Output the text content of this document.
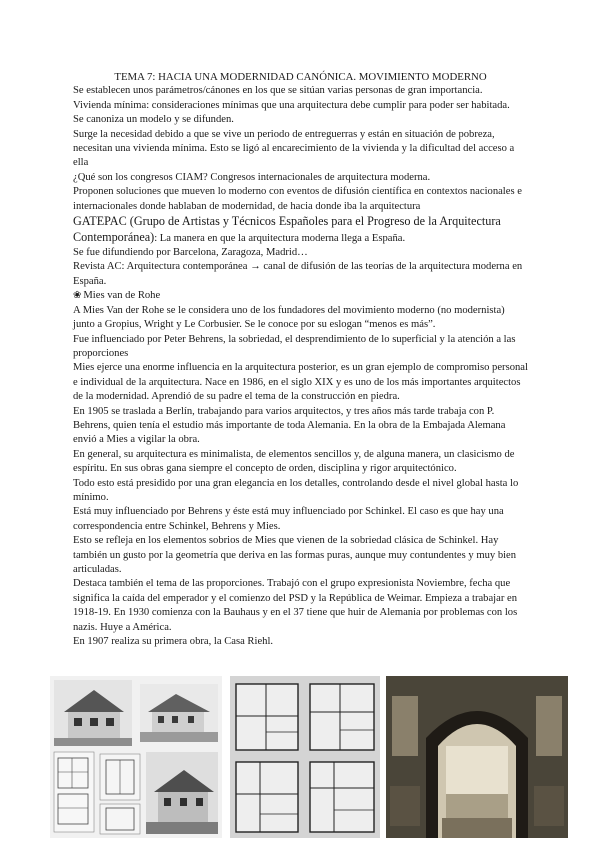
TEMA 7: HACIA UNA MODERNIDAD CANÓNICA. MOVIMIENTO MODERNO

Se establecen unos parámetros/cánones en los que se sitúan varias personas de gran importancia.

Vivienda mínima: consideraciones mínimas que una arquitectura debe cumplir para poder ser habitada.

Se canoniza un modelo y se difunden.

Surge la necesidad debido a que se vive un periodo de entreguerras y están en situación de pobreza, necesitan una vivienda mínima. Esto se ligó al encarecimiento de la vivienda y la dificultad del acceso a ella

¿Qué son los congresos CIAM? Congresos internacionales de arquitectura moderna.

Proponen soluciones que mueven lo moderno con eventos de difusión científica en contextos nacionales e internacionales donde hablaban de modernidad, de hacia donde iba la arquitectura

GATEPAC (Grupo de Artistas y Técnicos Españoles para el Progreso de la Arquitectura Contemporánea): La manera en que la arquitectura moderna llega a España.

Se fue difundiendo por Barcelona, Zaragoza, Madrid…

Revista AC: Arquitectura contemporánea → canal de difusión de las teorías de la arquitectura moderna en España.

❀ Mies van de Rohe

A Mies Van der Rohe se le considera uno de los fundadores del movimiento moderno (no modernista) junto a Gropius, Wright y Le Corbusier. Se le conoce por su eslogan “menos es más”.

Fue influenciado por Peter Behrens, la sobriedad, el desprendimiento de lo superficial y la atención a las proporciones

Mies ejerce una enorme influencia en la arquitectura posterior, es un gran ejemplo de compromiso personal e individual de la arquitectura. Nace en 1986, en el siglo XIX y es uno de los más importantes arquitectos de la modernidad. Aprendió de su padre el tema de la construcción en piedra.

En 1905 se traslada a Berlín, trabajando para varios arquitectos, y tres años más tarde trabaja con P. Behrens, quien tenía el estudio más importante de toda Alemania. En la obra de la Embajada Alemana envió a Mies a vigilar la obra.

En general, su arquitectura es minimalista, de elementos sencillos y, de alguna manera, un clasicismo de espíritu. En sus obras gana siempre el concepto de orden, disciplina y rigor arquitectónico.

Todo esto está presidido por una gran elegancia en los detalles, controlando desde el nivel global hasta lo mínimo.

Está muy influenciado por Behrens y éste está muy influenciado por Schinkel. El caso es que hay una correspondencia entre Schinkel, Behrens y Mies.

Esto se refleja en los elementos sobrios de Mies que vienen de la sobriedad clásica de Schinkel. Hay también un gusto por la geometría que deriva en las formas puras, aunque muy contundentes y muy bien articuladas.

Destaca también el tema de las proporciones. Trabajó con el grupo expresionista Noviembre, fecha que significa la caída del emperador y el comienzo del PSD y la República de Weimar. Empieza a trabajar en 1918-19. En 1930 comienza con la Bauhaus y en el 37 tiene que huir de Alemania por problemas con los nazis. Huye a América.

En 1907 realiza su primera obra, la Casa Riehl.
